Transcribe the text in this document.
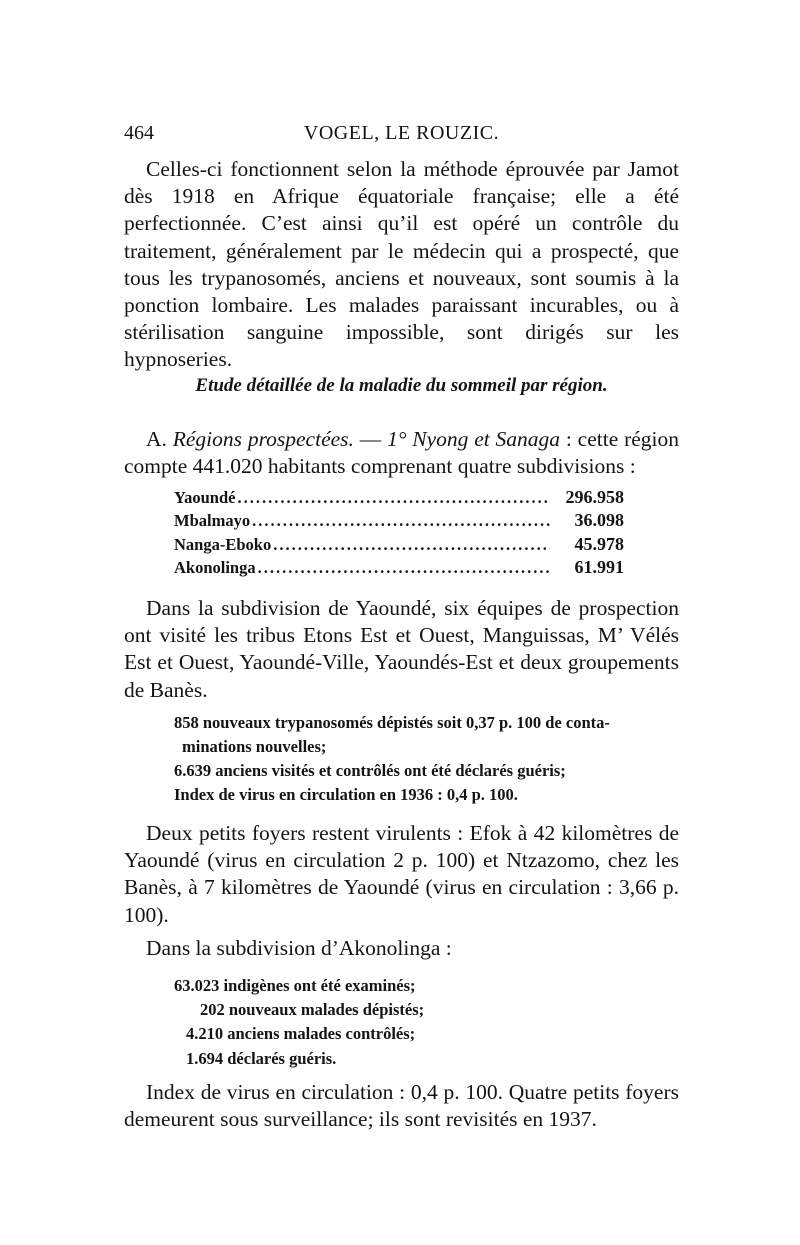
464	VOGEL, LE ROUZIC.

Celles-ci fonctionnent selon la méthode éprouvée par Jamot dès 1918 en Afrique équatoriale française; elle a été perfectionnée. C’est ainsi qu’il est opéré un contrôle du traitement, généralement par le médecin qui a prospecté, que tous les trypanosomés, anciens et nouveaux, sont soumis à la ponction lombaire. Les malades paraissant incurables, ou à stérilisation sanguine impossible, sont dirigés sur les hypnoseries.

Etude détaillée de la maladie du sommeil par région.

A. Régions prospectées. — 1° Nyong et Sanaga : cette région compte 441.020 habitants comprenant quatre subdivisions :

Yaoundé .....	296.958
Mbalmayo .....	36.098
Nanga-Eboko .....	45.978
Akonolinga .....	61.991

Dans la subdivision de Yaoundé, six équipes de prospection ont visité les tribus Etons Est et Ouest, Manguissas, M’ Vélés Est et Ouest, Yaoundé-Ville, Yaoundés-Est et deux groupements de Banès.

858 nouveaux trypanosomés dépistés soit 0,37 p. 100 de conta-
minations nouvelles;
6.639 anciens visités et contrôlés ont été déclarés guéris;
Index de virus en circulation en 1936 : 0,4 p. 100.

Deux petits foyers restent virulents : Efok à 42 kilomètres de Yaoundé (virus en circulation 2 p. 100) et Ntzazomo, chez les Banès, à 7 kilomètres de Yaoundé (virus en circulation : 3,66 p. 100).

Dans la subdivision d’Akonolinga :

63.023 indigènes ont été examinés;
202 nouveaux malades dépistés;
4.210 anciens malades contrôlés;
1.694 déclarés guéris.

Index de virus en circulation : 0,4 p. 100. Quatre petits foyers demeurent sous surveillance; ils sont revisités en 1937.
